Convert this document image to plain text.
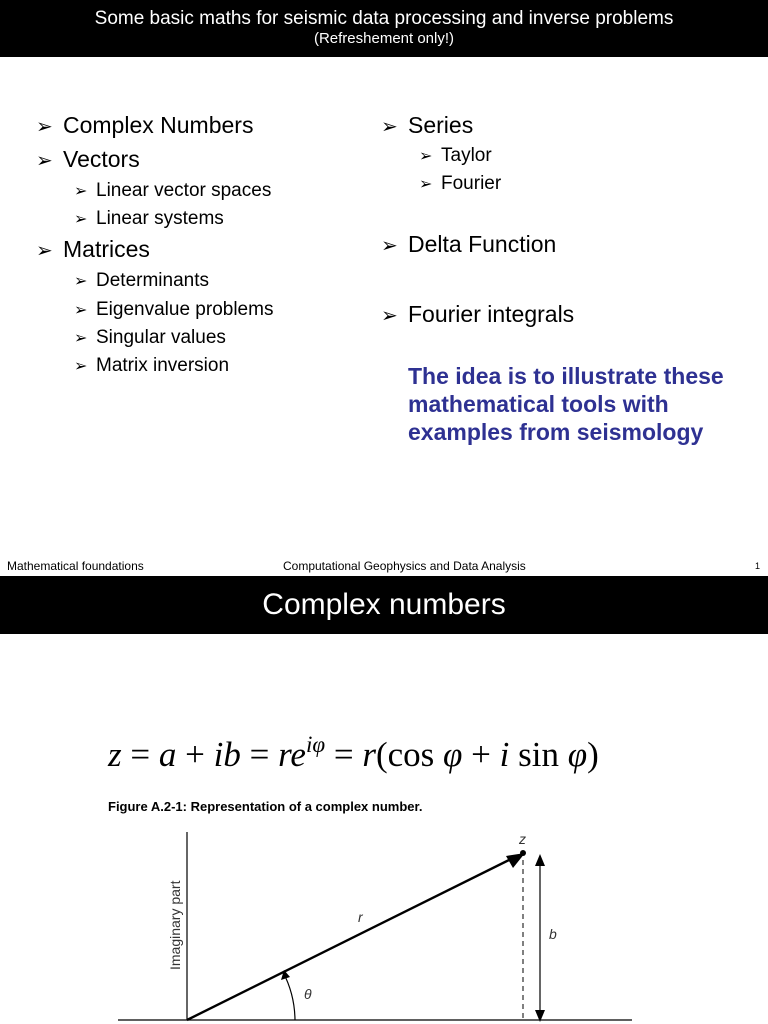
Some basic maths for seismic data processing and inverse problems
(Refreshement only!)
➢ Complex Numbers
➢ Vectors
➢ Linear vector spaces
➢ Linear systems
➢ Matrices
➢ Determinants
➢ Eigenvalue problems
➢ Singular values
➢ Matrix inversion
➢ Series
➢ Taylor
➢ Fourier
➢ Delta Function
➢ Fourier integrals
The idea is to illustrate these mathematical tools with examples from seismology
Mathematical foundations	Computational Geophysics and Data Analysis	1
Complex numbers
z = a + ib = $re^{i\varphi} = r(\cos$ φ + i sin φ)
Figure A.2-1: Representation of a complex number.
Imaginary part
z
r
θ
b
